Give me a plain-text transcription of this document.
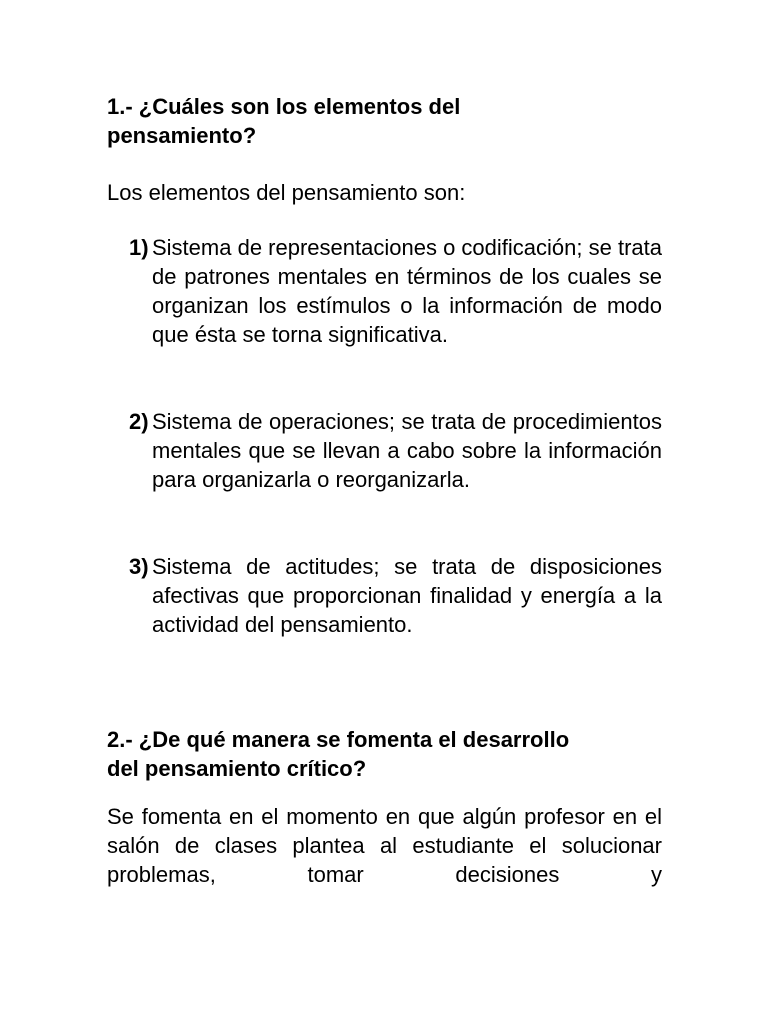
1.- ¿Cuáles son los elementos del
pensamiento?

Los elementos del pensamiento son:

1) Sistema de representaciones o codificación; se trata de patrones mentales en términos de los cuales se organizan los estímulos o la información de modo que ésta se torna significativa.
2) Sistema de operaciones; se trata de procedimientos mentales que se llevan a cabo sobre la información para organizarla o reorganizarla.
3) Sistema de actitudes; se trata de disposiciones afectivas que proporcionan finalidad y energía a la actividad del pensamiento.
2.- ¿De qué manera se fomenta el desarrollo
del pensamiento crítico?

Se fomenta en el momento en que algún profesor en el salón de clases plantea al estudiante el solucionar problemas, tomar decisiones y
